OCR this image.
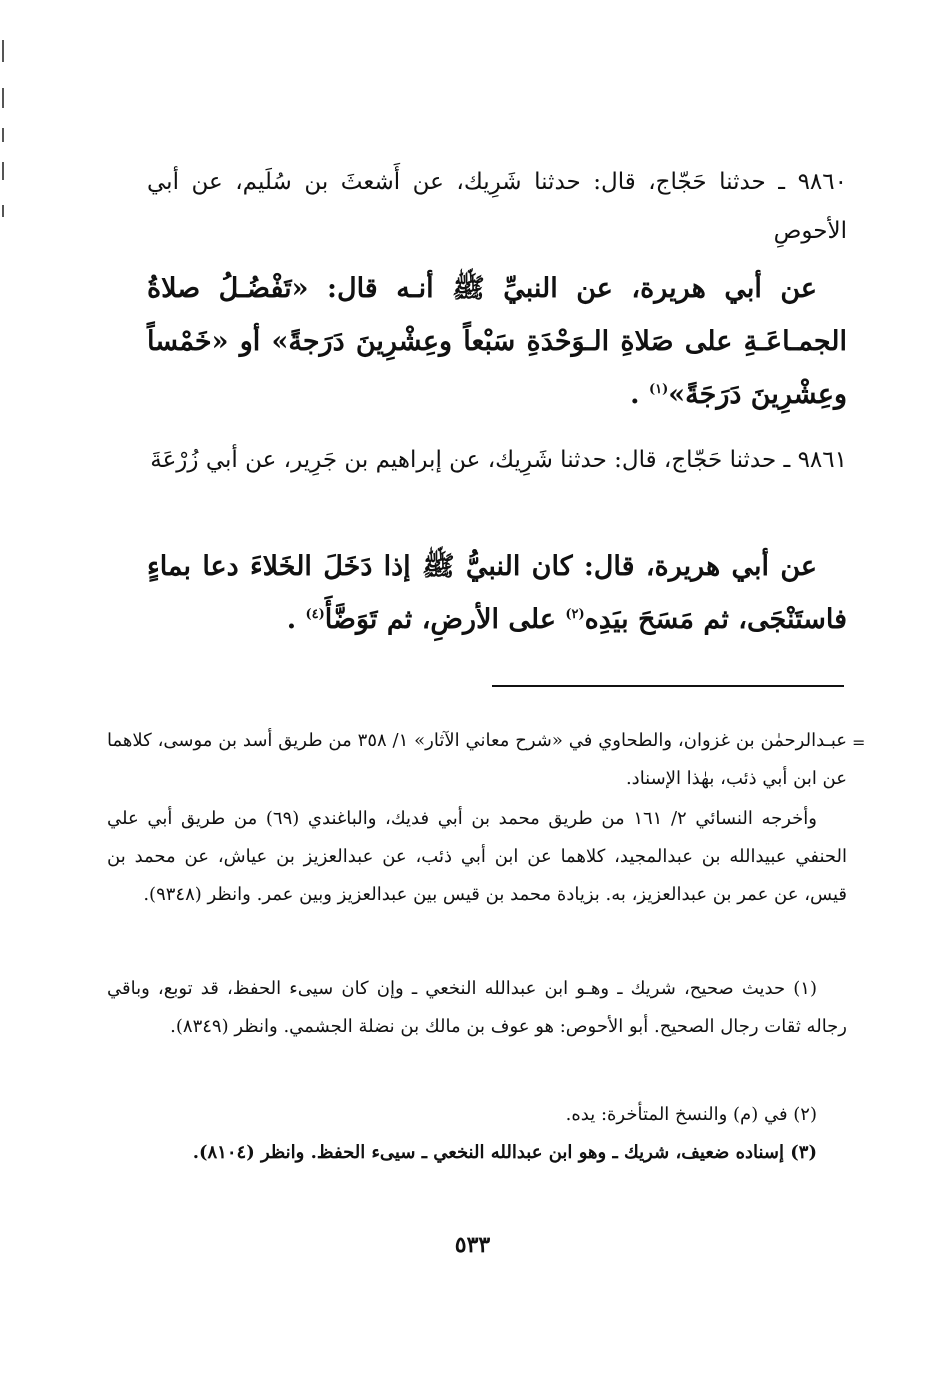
٩٨٦٠ ـ حدثنا حَجّاج، قال: حدثنا شَرِيك، عن أَشعثَ بن سُلَيم، عن أبي الأحوصِ
عن أبي هريرة، عن النبيِّ ﷺ أنـه قال: «تَفْضُـلُ صلاةُ الجمـاعَـةِ على صَلاةِ الـوَحْدَةِ سَبْعاً وعِشْرِينَ دَرَجةً» أو «خَمْساً وعِشْرِينَ دَرَجَةً»$^{(١)}$ .
٩٨٦١ ـ حدثنا حَجّاج، قال: حدثنا شَرِيك، عن إبراهيم بن جَرِير، عن أبي زُرْعَةَ
عن أبي هريرة، قال: كان النبيُّ ﷺ إذا دَخَلَ الخَلاءَ دعا بماءٍ فاستَنْجَى، ثم مَسَحَ بيَدِه$^{(٢)}$ على الأرضِ، ثم تَوَضَّأَ$^{(٤)}$ .
=
عبـدالرحمٰن بن غزوان، والطحاوي في «شرح معاني الآثار» ١/ ٣٥٨ من طريق أسد بن موسى، كلاهما عن ابن أبي ذئب، بهٰذا الإسناد.
وأخرجه النسائي ٢/ ١٦١ من طريق محمد بن أبي فديك، والباغندي (٦٩) من طريق أبي علي الحنفي عبيدالله بن عبدالمجيد، كلاهما عن ابن أبي ذئب، عن عبدالعزيز بن عياش، عن محمد بن قيس، عن عمر بن عبدالعزيز، به. بزيادة محمد بن قيس بين عبدالعزيز وبين عمر. وانظر (٩٣٤٨).
(١) حديث صحيح، شريك ـ وهـو ابن عبدالله النخعي ـ وإن كان سيىء الحفظ، قد توبع، وباقي رجاله ثقات رجال الصحيح. أبو الأحوص: هو عوف بن مالك بن نضلة الجشمي. وانظر (٨٣٤٩).
(٢) في (م) والنسخ المتأخرة: يده.
(٣) إسناده ضعيف، شريك ـ وهو ابن عبدالله النخعي ـ سيىء الحفظ. وانظر (٨١٠٤).
٥٣٣
